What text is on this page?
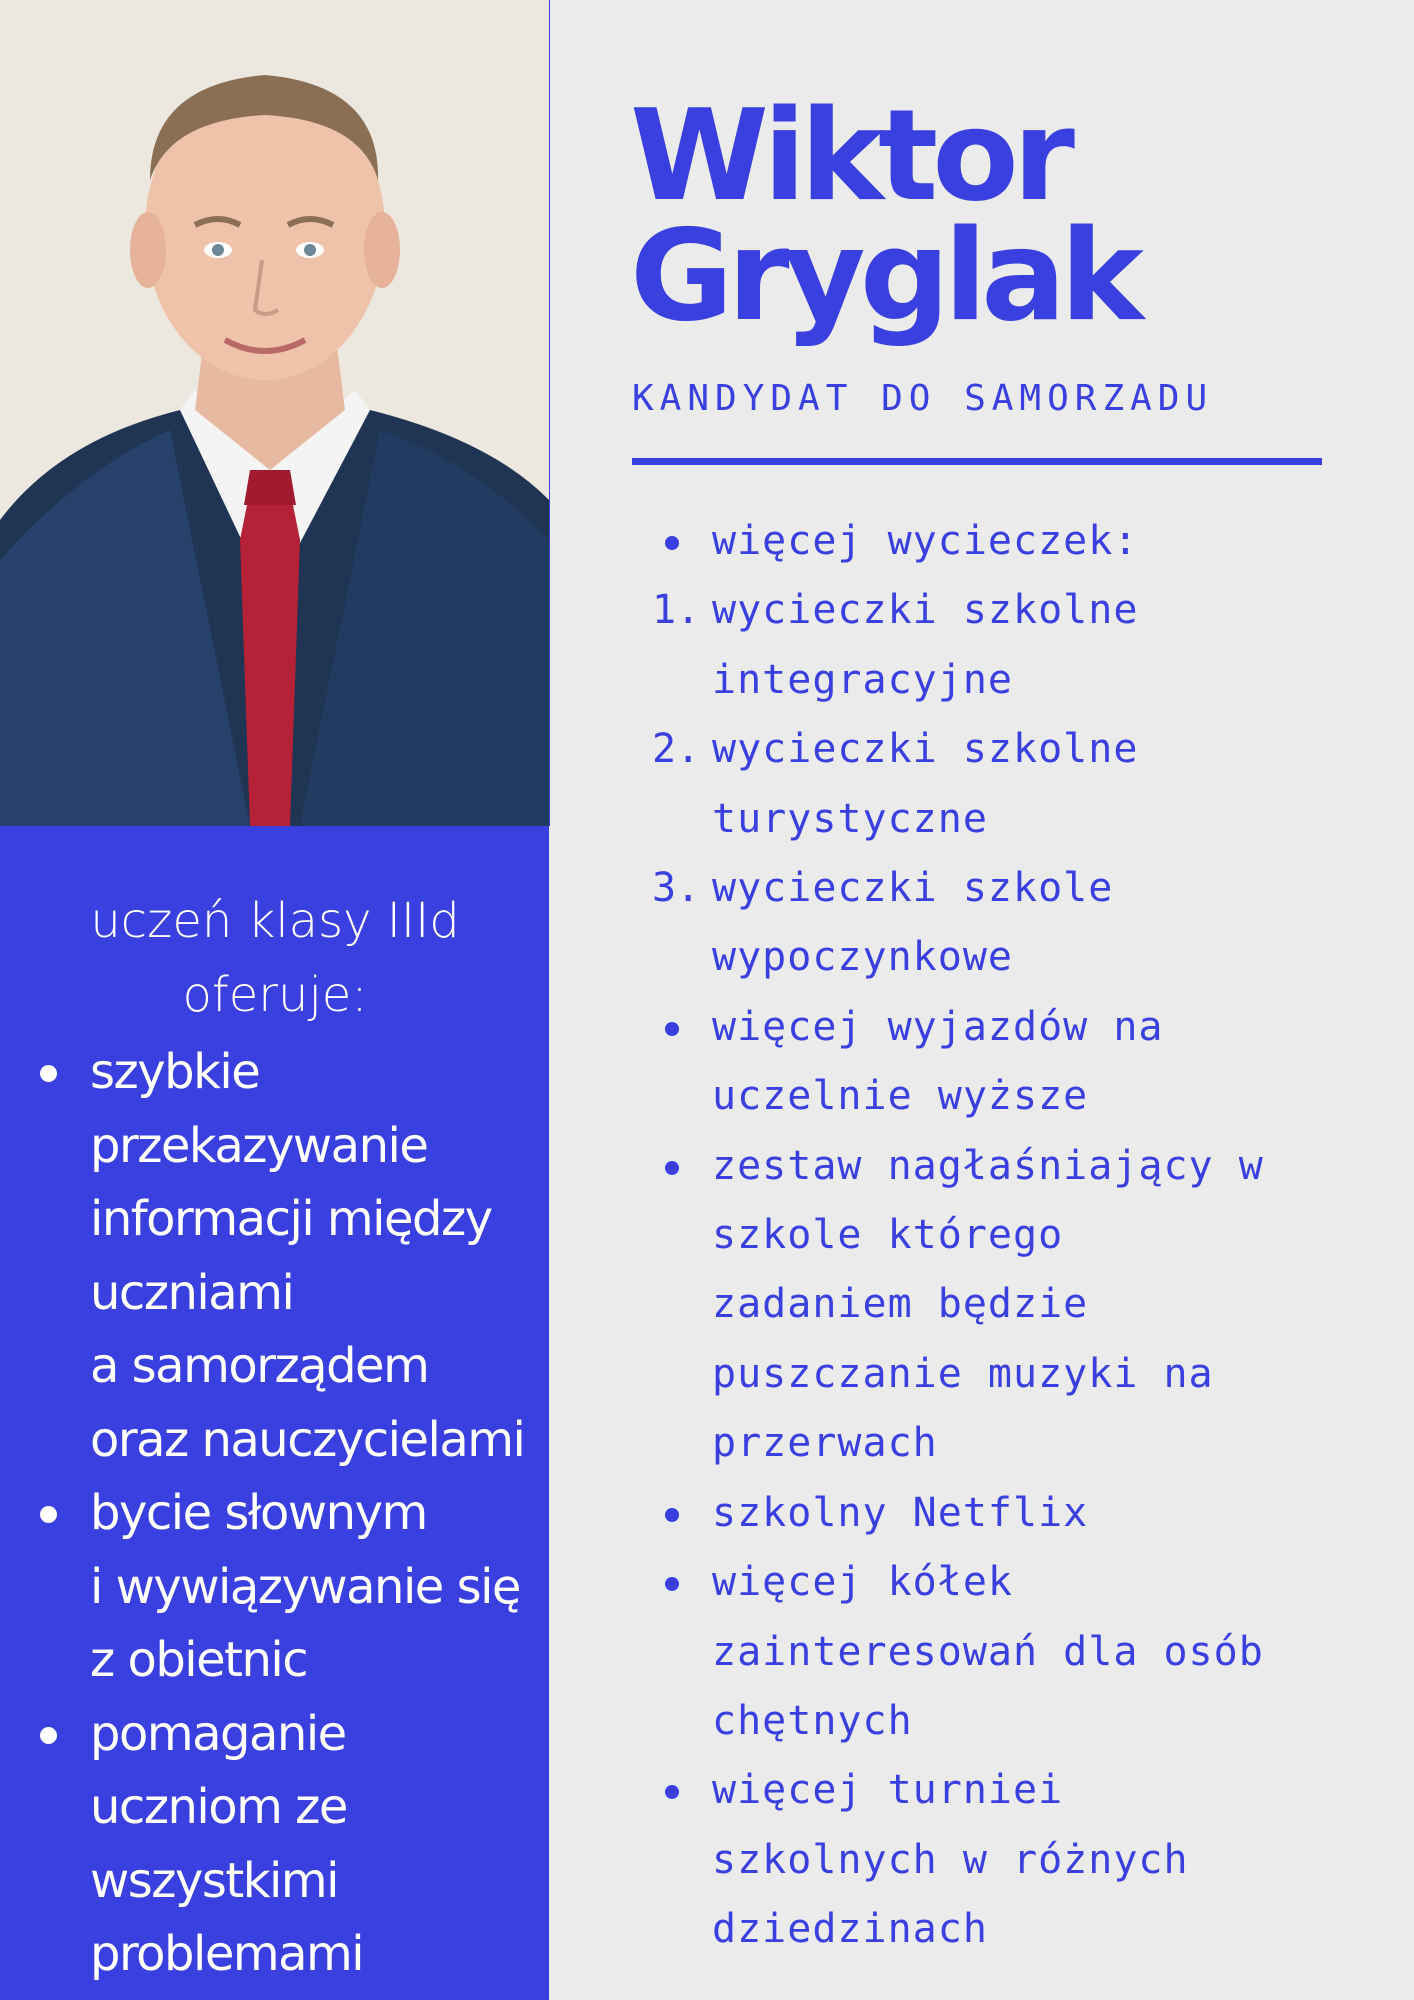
uczeń klasy IIId
oferuje:
szybkie
przekazywanie
informacji między
uczniami
a samorządem
oraz nauczycielami
bycie słownym
i wywiązywanie się
z obietnic
pomaganie
uczniom ze
wszystkimi
problemami
Wiktor
Gryglak
KANDYDAT DO SAMORZADU
więcej wycieczek:
1. wycieczki szkolne
integracyjne
2. wycieczki szkolne
turystyczne
3. wycieczki szkole
wypoczynkowe
więcej wyjazdów na
uczelnie wyższe
zestaw nagłaśniający w
szkole którego
zadaniem będzie
puszczanie muzyki na
przerwach
szkolny Netflix
więcej kółek
zainteresowań dla osób
chętnych
więcej turniei
szkolnych w różnych
dziedzinach
